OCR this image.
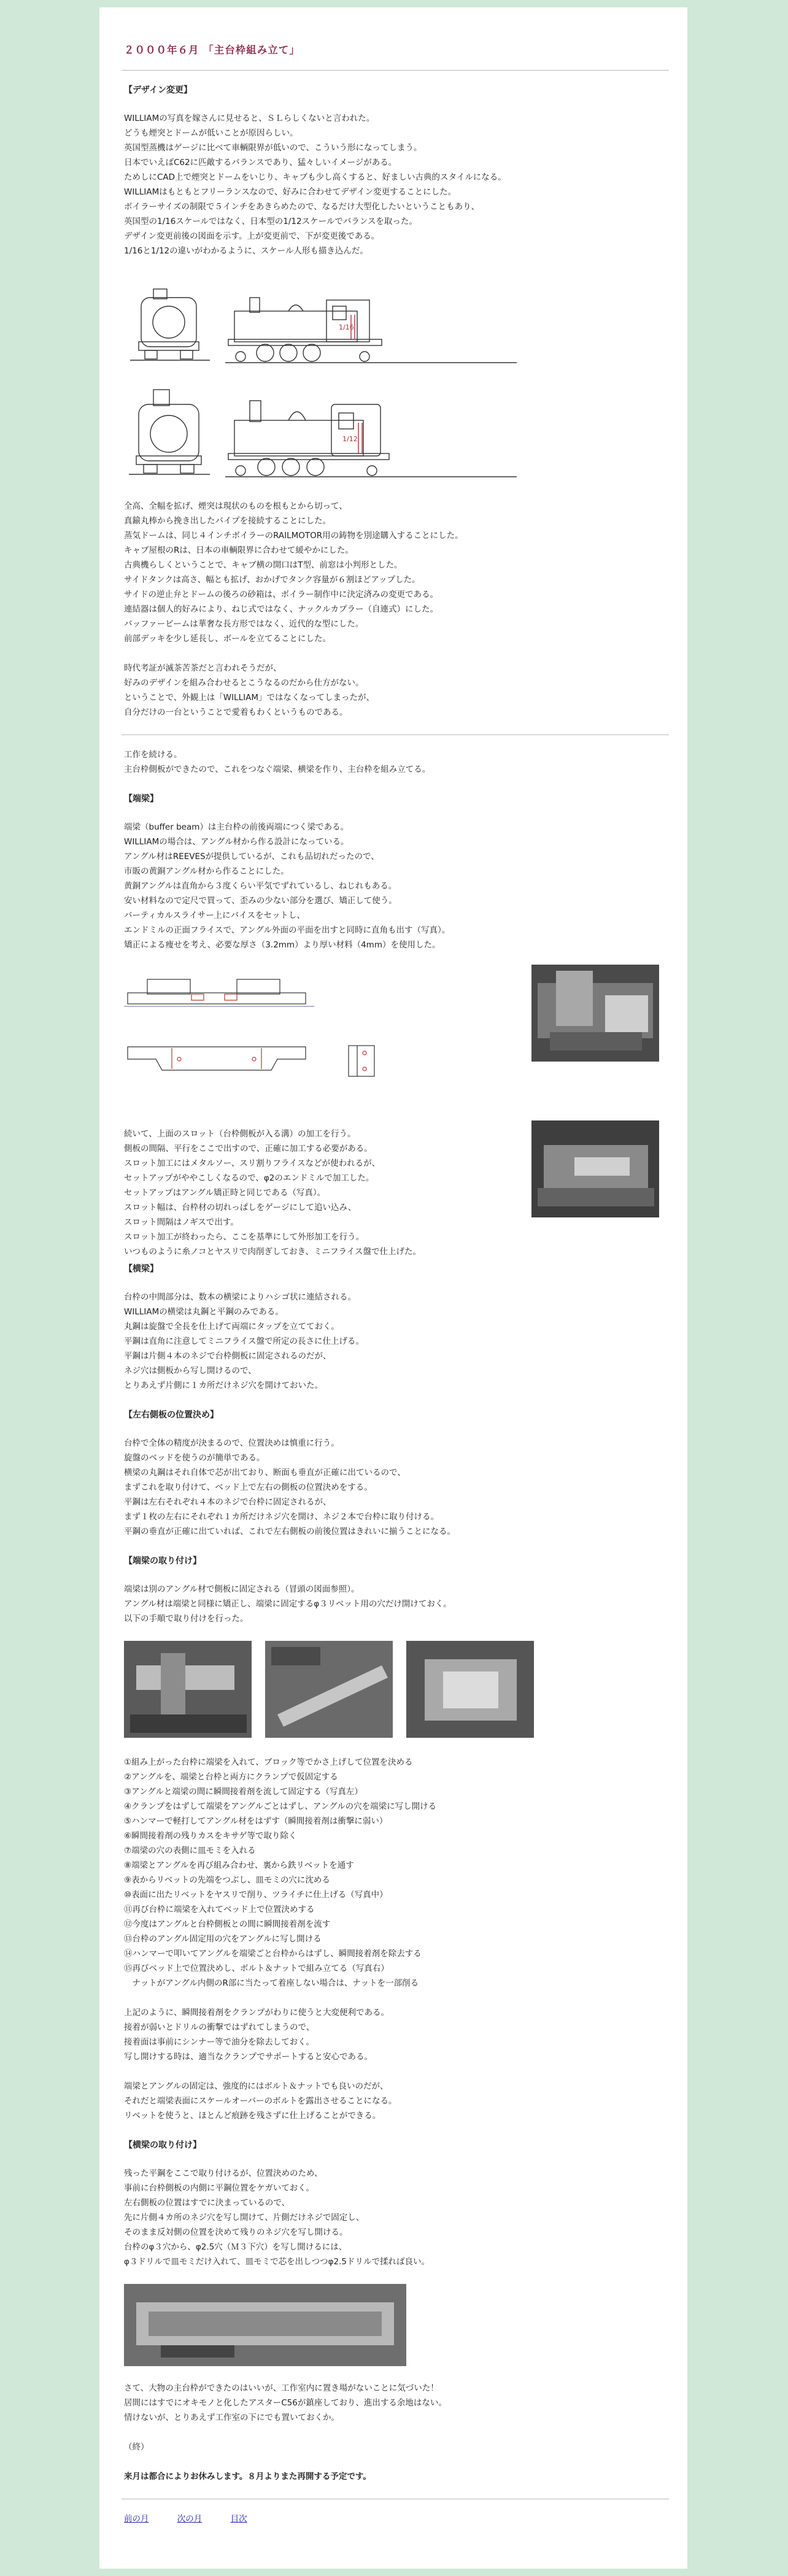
２０００年６月 「主台枠組み立て」
【デザイン変更】
WILLIAMの写真を嫁さんに見せると、ＳＬらしくないと言われた。
どうも煙突とドームが低いことが原因らしい。
英国型蒸機はゲージに比べて車輌限界が低いので、こういう形になってしまう。
日本でいえばC62に匹敵するバランスであり、猛々しいイメージがある。
ためしにCAD上で煙突とドームをいじり、キャブも少し高くすると、好ましい古典的スタイルになる。
WILLIAMはもともとフリーランスなので、好みに合わせてデザイン変更することにした。
ボイラーサイズの制限で５インチをあきらめたので、なるだけ大型化したいということもあり、
英国型の1/16スケールではなく、日本型の1/12スケールでバランスを取った。
デザイン変更前後の図面を示す。上が変更前で、下が変更後である。
1/16と1/12の違いがわかるように、スケール人形も描き込んだ。
1/16
1/12
全高、全幅を拡げ、煙突は現状のものを根もとから切って、
真鍮丸棒から挽き出したパイプを接続することにした。
蒸気ドームは、同じ４インチボイラーのRAILMOTOR用の鋳物を別途購入することにした。
キャブ屋根のRは、日本の車輌限界に合わせて緩やかにした。
古典機らしくということで、キャブ横の開口はT型、前窓は小判形とした。
サイドタンクは高さ、幅とも拡げ、おかげでタンク容量が６割ほどアップした。
サイドの逆止弁とドームの後ろの砂箱は、ボイラー制作中に決定済みの変更である。
連結器は個人的好みにより、ねじ式ではなく、ナックルカプラー（自連式）にした。
バッファービームは華奢な長方形ではなく、近代的な型にした。
前部デッキを少し延長し、ボールを立てることにした。
時代考証が滅茶苦茶だと言われそうだが、
好みのデザインを組み合わせるとこうなるのだから仕方がない。
ということで、外観上は「WILLIAM」ではなくなってしまったが、
自分だけの一台ということで愛着もわくというものである。
工作を続ける。
主台枠側板ができたので、これをつなぐ端梁、横梁を作り、主台枠を組み立てる。
【端梁】
端梁（buffer beam）は主台枠の前後両端につく梁である。
WILLIAMの場合は、アングル材から作る設計になっている。
アングル材はREEVESが提供しているが、これも品切れだったので、
市販の黄銅アングル材から作ることにした。
黄銅アングルは直角から３度くらい平気でずれているし、ねじれもある。
安い材料なので定尺で買って、歪みの少ない部分を選び、矯正して使う。
バーティカルスライサー上にバイスをセットし、
エンドミルの正面フライスで、アングル外面の平面を出すと同時に直角も出す（写真）。
矯正による痩せを考え、必要な厚さ（3.2mm）より厚い材料（4mm）を使用した。
続いて、上面のスロット（台枠側板が入る溝）の加工を行う。
側板の間隔、平行をここで出すので、正確に加工する必要がある。
スロット加工にはメタルソー、スリ割りフライスなどが使われるが、
セットアップがややこしくなるので、φ2のエンドミルで加工した。
セットアップはアングル矯正時と同じである（写真）。
スロット幅は、台枠材の切れっぱしをゲージにして追い込み、
スロット間隔はノギスで出す。
スロット加工が終わったら、ここを基準にして外形加工を行う。
いつものように糸ノコとヤスリで肉削ぎしておき、ミニフライス盤で仕上げた。
【横梁】
台枠の中間部分は、数本の横梁によりハシゴ状に連結される。
WILLIAMの横梁は丸鋼と平鋼のみである。
丸鋼は旋盤で全長を仕上げて両端にタップを立てておく。
平鋼は直角に注意してミニフライス盤で所定の長さに仕上げる。
平鋼は片側４本のネジで台枠側板に固定されるのだが、
ネジ穴は側板から写し開けるので、
とりあえず片側に１カ所だけネジ穴を開けておいた。
【左右側板の位置決め】
台枠で全体の精度が決まるので、位置決めは慎重に行う。
旋盤のベッドを使うのが簡単である。
横梁の丸鋼はそれ自体で芯が出ており、断面も垂直が正確に出ているので、
まずこれを取り付けて、ベッド上で左右の側板の位置決めをする。
平鋼は左右それぞれ４本のネジで台枠に固定されるが、
まず１枚の左右にそれぞれ１カ所だけネジ穴を開け、ネジ２本で台枠に取り付ける。
平鋼の垂直が正確に出ていれば、これで左右側板の前後位置はきれいに揃うことになる。
【端梁の取り付け】
端梁は別のアングル材で側板に固定される（冒頭の図面参照）。
アングル材は端梁と同様に矯正し、端梁に固定するφ３リベット用の穴だけ開けておく。
以下の手順で取り付けを行った。
①組み上がった台枠に端梁を入れて、ブロック等でかさ上げして位置を決める
②アングルを、端梁と台枠と両方にクランプで仮固定する
③アングルと端梁の間に瞬間接着剤を流して固定する（写真左）
④クランプをはずして端梁をアングルごとはずし、アングルの穴を端梁に写し開ける
⑤ハンマーで軽打してアングル材をはずす（瞬間接着剤は衝撃に弱い）
⑥瞬間接着剤の残りカスをキサゲ等で取り除く
⑦端梁の穴の表側に皿モミを入れる
⑧端梁とアングルを再び組み合わせ、裏から鉄リベットを通す
⑨表からリベットの先端をつぶし、皿モミの穴に沈める
⑩表面に出たリベットをヤスリで削り、ツライチに仕上げる（写真中）
⑪再び台枠に端梁を入れてベッド上で位置決めする
⑫今度はアングルと台枠側板との間に瞬間接着剤を流す
⑬台枠のアングル固定用の穴をアングルに写し開ける
⑭ハンマーで叩いてアングルを端梁ごと台枠からはずし、瞬間接着剤を除去する
⑮再びベッド上で位置決めし、ボルト＆ナットで組み立てる（写真右）
　ナットがアングル内側のR部に当たって着座しない場合は、ナットを一部削る
上記のように、瞬間接着剤をクランプがわりに使うと大変便利である。
接着が弱いとドリルの衝撃ではずれてしまうので、
接着面は事前にシンナー等で油分を除去しておく。
写し開けする時は、適当なクランプでサポートすると安心である。
端梁とアングルの固定は、強度的にはボルト＆ナットでも良いのだが、
それだと端梁表面にスケールオーバーのボルトを露出させることになる。
リベットを使うと、ほとんど痕跡を残さずに仕上げることができる。
【横梁の取り付け】
残った平鋼をここで取り付けるが、位置決めのため、
事前に台枠側板の内側に平鋼位置をケガいておく。
左右側板の位置はすでに決まっているので、
先に片側４カ所のネジ穴を写し開けて、片側だけネジで固定し、
そのまま反対側の位置を決めて残りのネジ穴を写し開ける。
台枠のφ３穴から、φ2.5穴（Ｍ３下穴）を写し開けるには、
φ３ドリルで皿モミだけ入れて、皿モミで芯を出しつつφ2.5ドリルで揉れば良い。
さて、大物の主台枠ができたのはいいが、工作室内に置き場がないことに気づいた！
居間にはすでにオキモノと化したアスターC56が鎮座しており、進出する余地はない。
情けないが、とりあえず工作室の下にでも置いておくか。
（終）
来月は都合によりお休みします。８月よりまた再開する予定です。
前の月	次の月	目次
